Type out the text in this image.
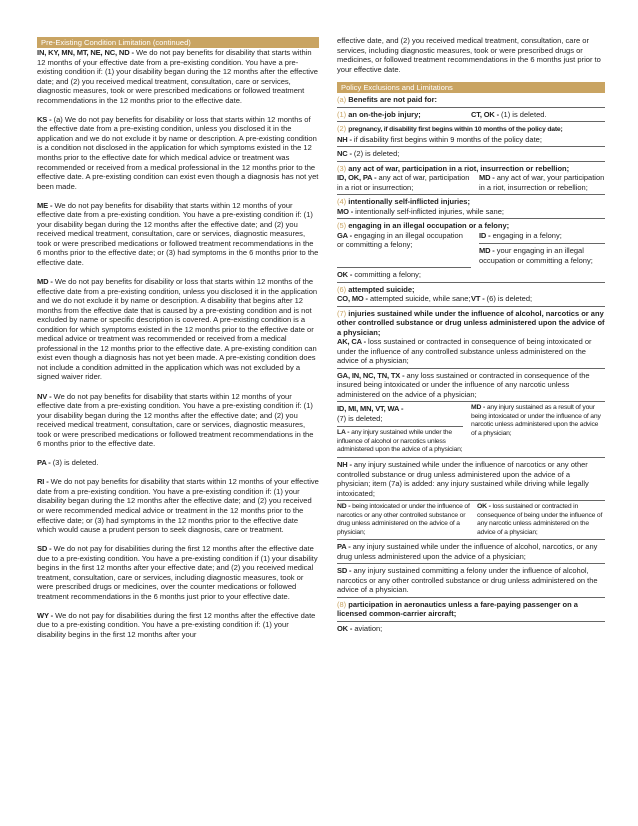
Pre-Existing Condition Limitation (continued)

IN, KY, MN, MT, NE, NC, ND - We do not pay benefits for disability that starts within 12 months of your effective date from a pre-existing condition. You have a pre-existing condition if: (1) your disability began during the 12 months after the effective date; and (2) you received medical treatment, consultation, care or services, diagnostic measures, took or were prescribed medications or followed treatment recommendations in the 12 months prior to the effective date.

KS - (a) We do not pay benefits for disability or loss that starts within 12 months of the effective date from a pre-existing condition, unless you disclosed it in the application and we do not exclude it by name or description. A pre-existing condition is a condition not disclosed in the application for which symptoms existed in the 12 months prior to the effective date for which medical advice or treatment was recommended or received from a medical professional in the 12 months prior to the effective date. A pre-existing condition can exist even though a diagnosis has not yet been made.

ME - We do not pay benefits for disability that starts within 12 months of your effective date from a pre-existing condition. You have a pre-existing condition if: (1) your disability began during the 12 months after the effective date; and (2) you received medical treatment, consultation, care or services, diagnostic measures, took or were prescribed medications or followed treatment recommendations in the 6 months prior to the effective date; or (3) had symptoms in the 6 months prior to the effective date.

MD - We do not pay benefits for disability or loss that starts within 12 months of the effective date from a pre-existing condition, unless you disclosed it in the application and we do not exclude it by name or description. A disability that begins after 12 months from the effective date that is caused by a pre-existing condition and is not excluded by name or specific description is covered. A pre-existing condition is a condition for which symptoms existed in the 12 months prior to the effective date or medical advice or treatment was recommended or received from a medical professional in the 12 months prior to the effective date. A pre-existing condition can exist even though a diagnosis has not yet been made. A pre-existing condition does not include a condition admitted in the application which was not excluded by a signed waiver rider.

NV - We do not pay benefits for disability that starts within 12 months of your effective date from a pre-existing condition. You have a pre-existing condition if: (1) your disability began during the 12 months after the effective date; and (2) you received medical treatment, consultation, care or services, diagnostic measures, took or were prescribed medications or followed treatment recommendations in the 6 months prior to the effective date.

PA - (3) is deleted.

RI - We do not pay benefits for disability that starts within 12 months of your effective date from a pre-existing condition. You have a pre-existing condition if: (1) your disability began during the 12 months after the effective date; and (2) you received or were recommended medical advice or treatment in the 12 months prior to the effective date; or (3) had symptoms in the 12 months prior to the effective date which would cause a prudent person to seek diagnosis, care or treatment.

SD - We do not pay for disabilities during the first 12 months after the effective date due to a pre-existing condition. You have a pre-existing condition if (1) your disability begins in the first 12 months after your effective date; and (2) you received medical treatment, consultation, care or services, including diagnostic measures, took or were prescribed drugs or medicines, over the counter medications or followed treatment recommendations in the 6 months just prior to your effective date.

WY - We do not pay for disabilities during the first 12 months after the effective date due to a pre-existing condition. You have a pre-existing condition if: (1) your disability begins in the first 12 months after your

effective date, and (2) you received medical treatment, consultation, care or services, including diagnostic measures, took or were prescribed drugs or medicines, or followed treatment recommendations in the 6 months just prior to your effective date.

Policy Exclusions and Limitations
(a) Benefits are not paid for:
(1) an on-the-job injury;	CT, OK - (1) is deleted.
(2) pregnancy, if disability first begins within 10 months of the policy date;
NH - if disability first begins within 9 months of the policy date;
NC - (2) is deleted;
(3) any act of war, participation in a riot, insurrection or rebellion;
ID, OK, PA - any act of war, participation in a riot or insurrection;
MD - any act of war, your participation in a riot, insurrection or rebellion;
(4) intentionally self-inflicted injuries;
MO - intentionally self-inflicted injuries, while sane;
(5) engaging in an illegal occupation or a felony;
GA - engaging in an illegal occupation or committing a felony;
ID - engaging in a felony;
MD - your engaging in an illegal occupation or committing a felony;
OK - committing a felony;
(6) attempted suicide;
CO, MO - attempted suicide, while sane; VT - (6) is deleted;
(7) injuries sustained while under the influence of alcohol, narcotics or any other controlled substance or drug unless administered upon the advice of a physician;
AK, CA - loss sustained or contracted in consequence of being intoxicated or under the influence of any controlled substance unless administered on the advice of a physician;
GA, IN, NC, TN, TX - any loss sustained or contracted in consequence of the insured being intoxicated or under the influence of any narcotic unless administered on the advice of a physician;
ID, MI, MN, VT, WA -
(7) is deleted;
LA - any injury sustained while under the influence of alcohol or narcotics unless administered upon the advice of a physician;
MD - any injury sustained as a result of your being intoxicated or under the influence of any narcotic unless administered upon the advice of a physician;
NH - any injury sustained while under the influence of narcotics or any other controlled substance or drug unless administered upon the advice of a physician; item (7a) is added: any injury sustained while driving while legally intoxicated;
ND - being intoxicated or under the influence of narcotics or any other controlled substance or drug unless administered on the advice of a physician;
OK - loss sustained or contracted in consequence of being under the influence of any narcotic unless administered on the advice of a physician;
PA - any injury sustained while under the influence of alcohol, narcotics, or any drug unless administered upon the advice of a physician;
SD - any injury sustained committing a felony under the influence of alcohol, narcotics or any other controlled substance or drug unless administered on the advice of a physician.
(8) participation in aeronautics unless a fare-paying passenger on a licensed common-carrier aircraft;
OK - aviation;
